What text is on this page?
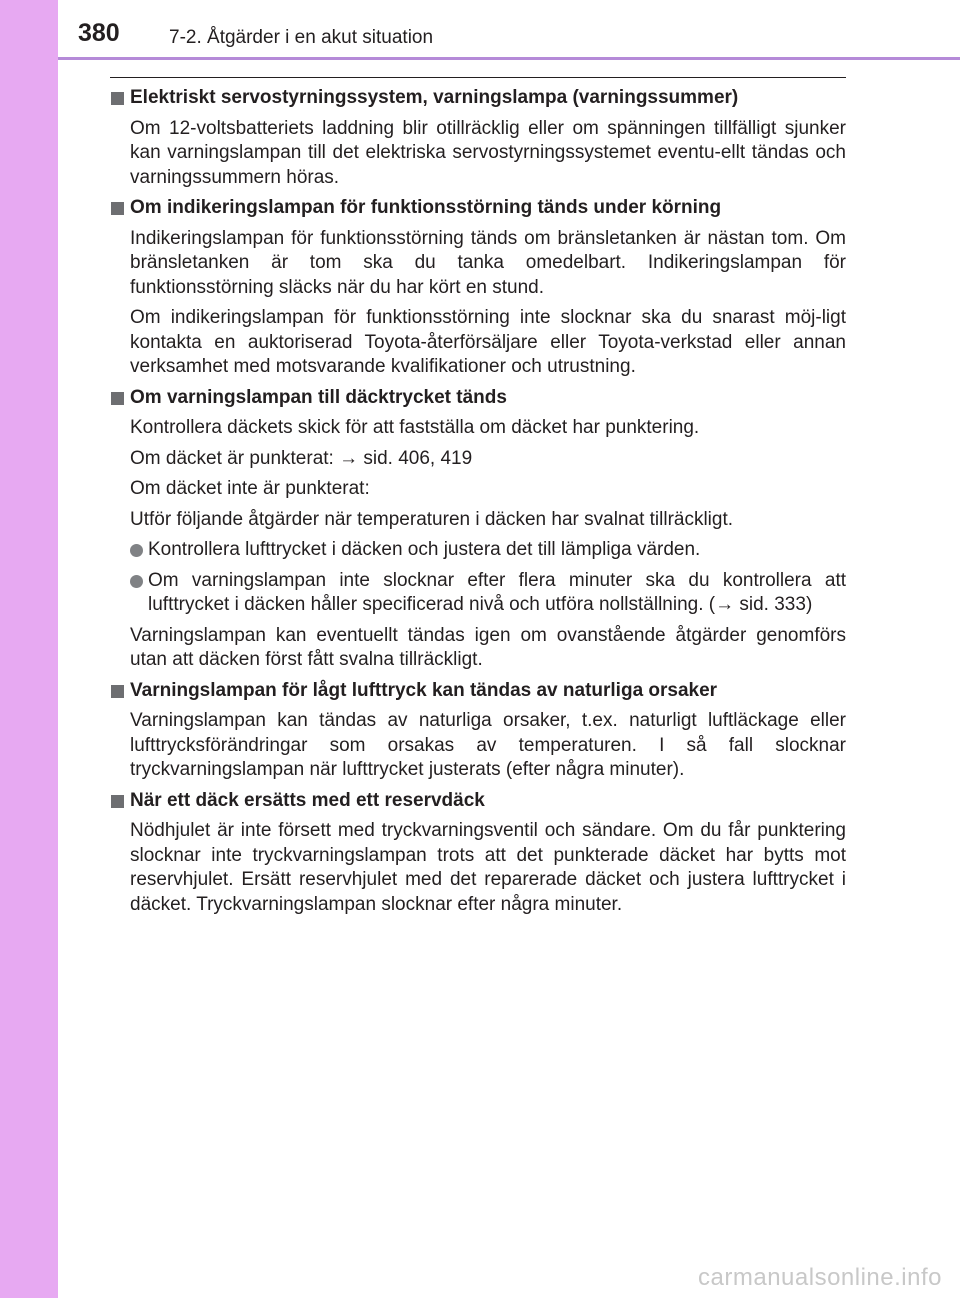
380	7-2. Åtgärder i en akut situation
Elektriskt servostyrningssystem, varningslampa (varningssummer)
Om 12-voltsbatteriets laddning blir otillräcklig eller om spänningen tillfälligt sjunker kan varningslampan till det elektriska servostyrningssystemet eventu-ellt tändas och varningssummern höras.
Om indikeringslampan för funktionsstörning tänds under körning
Indikeringslampan för funktionsstörning tänds om bränsletanken är nästan tom. Om bränsletanken är tom ska du tanka omedelbart. Indikeringslampan för funktionsstörning släcks när du har kört en stund.
Om indikeringslampan för funktionsstörning inte slocknar ska du snarast möj-ligt kontakta en auktoriserad Toyota-återförsäljare eller Toyota-verkstad eller annan verksamhet med motsvarande kvalifikationer och utrustning.
Om varningslampan till däcktrycket tänds
Kontrollera däckets skick för att fastställa om däcket har punktering.
Om däcket är punkterat: → sid. 406, 419
Om däcket inte är punkterat:
Utför följande åtgärder när temperaturen i däcken har svalnat tillräckligt.
Kontrollera lufttrycket i däcken och justera det till lämpliga värden.
Om varningslampan inte slocknar efter flera minuter ska du kontrollera att lufttrycket i däcken håller specificerad nivå och utföra nollställning. (→ sid. 333)
Varningslampan kan eventuellt tändas igen om ovanstående åtgärder genomförs utan att däcken först fått svalna tillräckligt.
Varningslampan för lågt lufttryck kan tändas av naturliga orsaker
Varningslampan kan tändas av naturliga orsaker, t.ex. naturligt luftläckage eller lufttrycksförändringar som orsakas av temperaturen. I så fall slocknar tryckvarningslampan när lufttrycket justerats (efter några minuter).
När ett däck ersätts med ett reservdäck
Nödhjulet är inte försett med tryckvarningsventil och sändare. Om du får punktering slocknar inte tryckvarningslampan trots att det punkterade däcket har bytts mot reservhjulet. Ersätt reservhjulet med det reparerade däcket och justera lufttrycket i däcket. Tryckvarningslampan slocknar efter några minuter.
carmanualsonline.info
